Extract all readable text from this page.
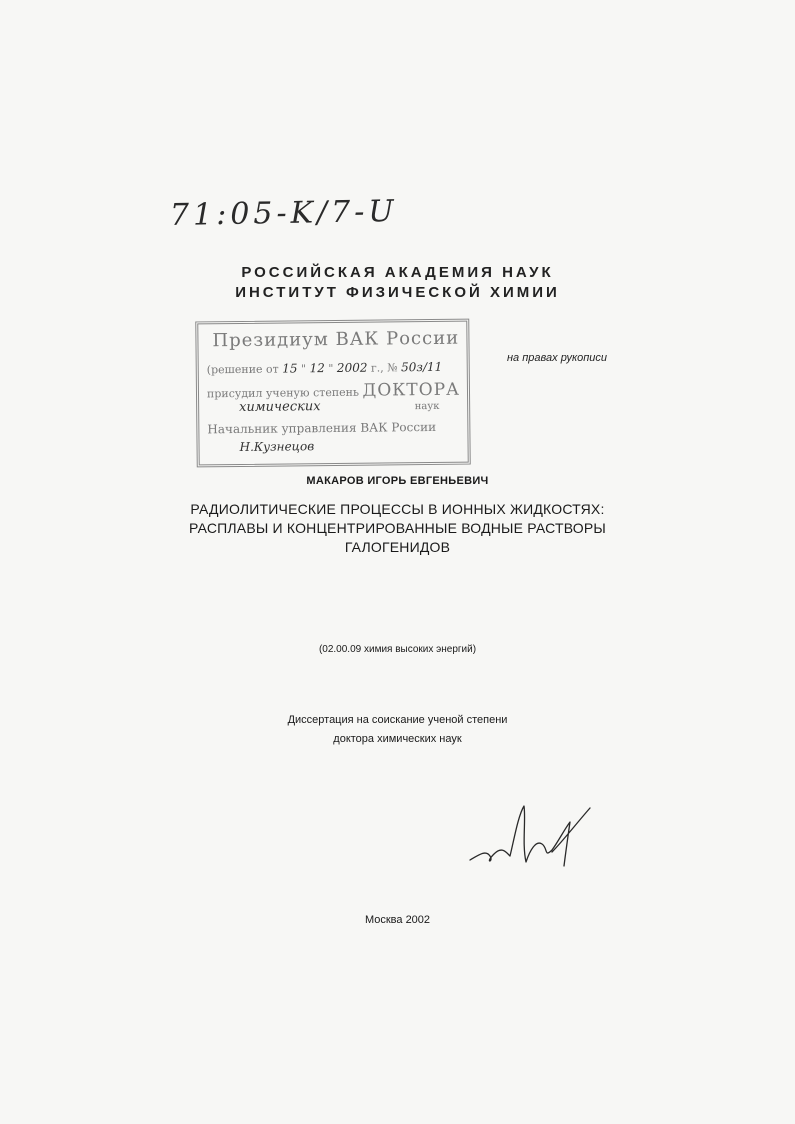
71:05-K/7-U
РОССИЙСКАЯ АКАДЕМИЯ НАУК
ИНСТИТУТ ФИЗИЧЕСКОЙ ХИМИИ
Президиум ВАК России
(решение от 15 " 12 " 2002 г., № 50з/11
присудил ученую степень ДОКТОРА
химических	наук
Начальник управления ВАК России
Н.Кузнецов
на правах рукописи
МАКАРОВ ИГОРЬ ЕВГЕНЬЕВИЧ
РАДИОЛИТИЧЕСКИЕ ПРОЦЕССЫ В ИОННЫХ ЖИДКОСТЯХ:
РАСПЛАВЫ И КОНЦЕНТРИРОВАННЫЕ ВОДНЫЕ РАСТВОРЫ
ГАЛОГЕНИДОВ
(02.00.09 химия высоких энергий)
Диссертация на соискание ученой степени
доктора химических наук
Москва 2002
